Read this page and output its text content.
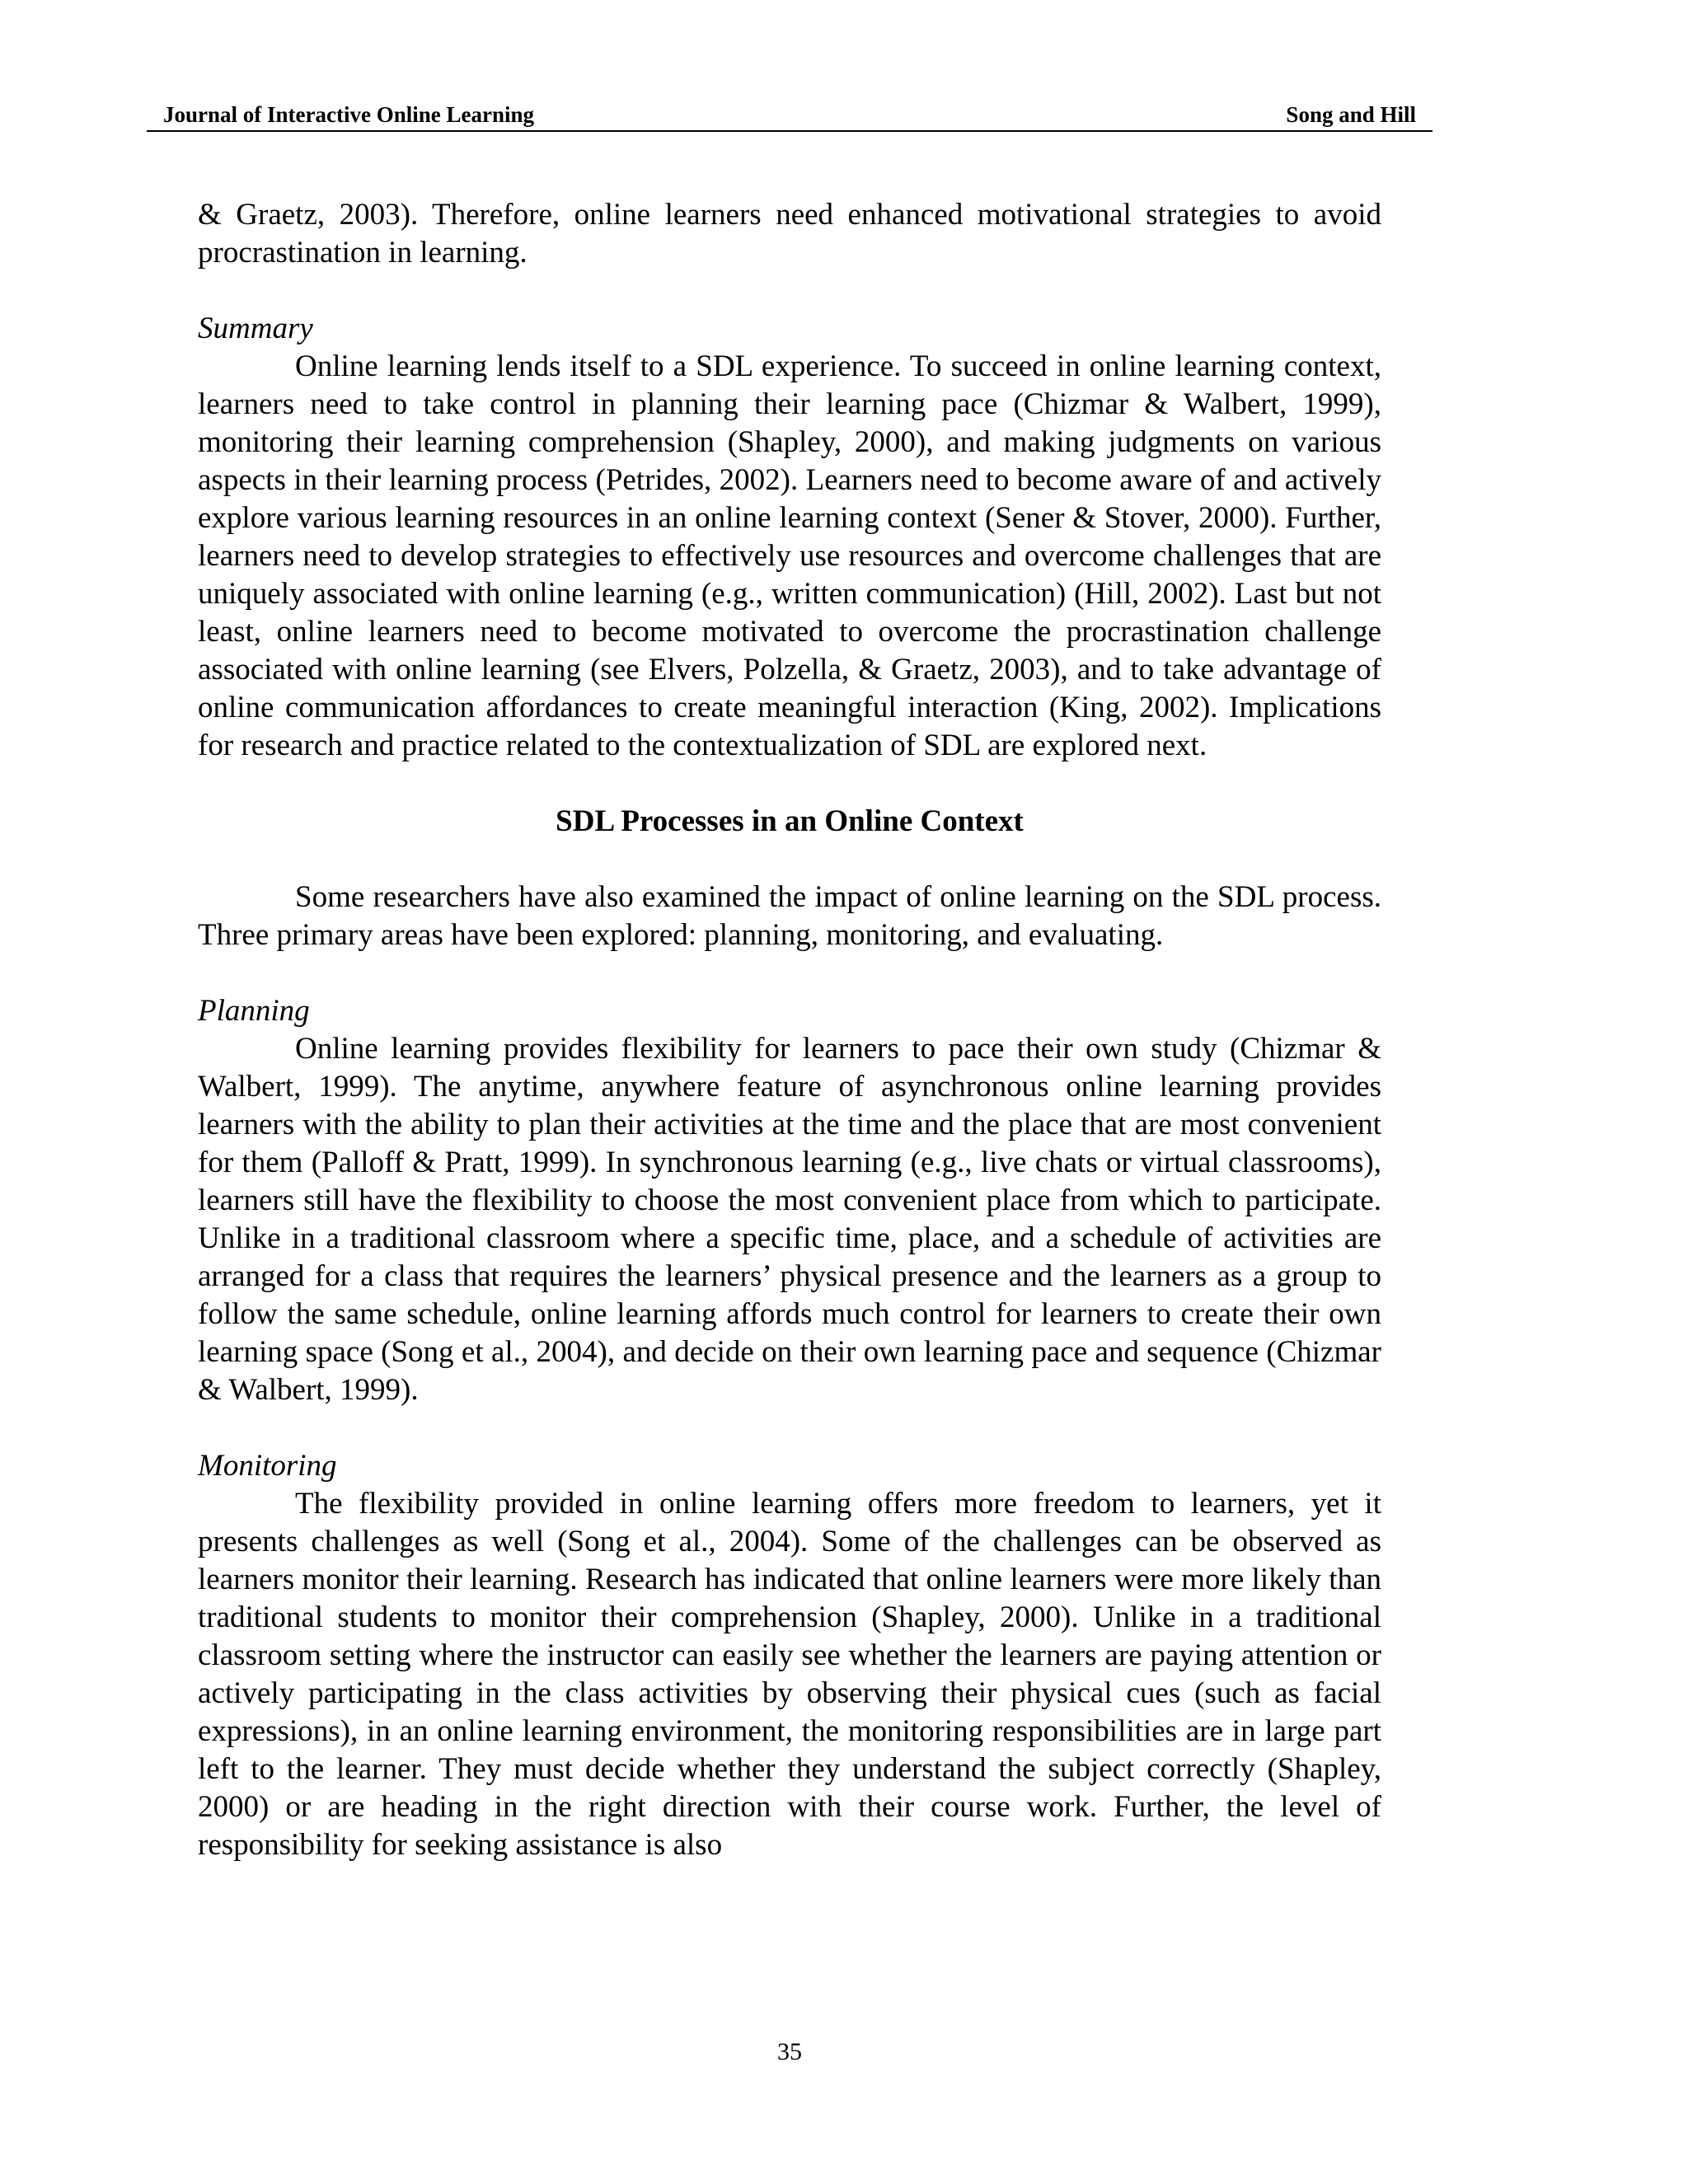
Journal of Interactive Online Learning	Song and Hill

& Graetz, 2003). Therefore, online learners need enhanced motivational strategies to avoid procrastination in learning.

Summary

Online learning lends itself to a SDL experience. To succeed in online learning context, learners need to take control in planning their learning pace (Chizmar & Walbert, 1999), monitoring their learning comprehension (Shapley, 2000), and making judgments on various aspects in their learning process (Petrides, 2002). Learners need to become aware of and actively explore various learning resources in an online learning context (Sener & Stover, 2000). Further, learners need to develop strategies to effectively use resources and overcome challenges that are uniquely associated with online learning (e.g., written communication) (Hill, 2002). Last but not least, online learners need to become motivated to overcome the procrastination challenge associated with online learning (see Elvers, Polzella, & Graetz, 2003), and to take advantage of online communication affordances to create meaningful interaction (King, 2002). Implications for research and practice related to the contextualization of SDL are explored next.

SDL Processes in an Online Context

Some researchers have also examined the impact of online learning on the SDL process. Three primary areas have been explored: planning, monitoring, and evaluating.

Planning

Online learning provides flexibility for learners to pace their own study (Chizmar & Walbert, 1999). The anytime, anywhere feature of asynchronous online learning provides learners with the ability to plan their activities at the time and the place that are most convenient for them (Palloff & Pratt, 1999). In synchronous learning (e.g., live chats or virtual classrooms), learners still have the flexibility to choose the most convenient place from which to participate. Unlike in a traditional classroom where a specific time, place, and a schedule of activities are arranged for a class that requires the learners’ physical presence and the learners as a group to follow the same schedule, online learning affords much control for learners to create their own learning space (Song et al., 2004), and decide on their own learning pace and sequence (Chizmar & Walbert, 1999).

Monitoring

The flexibility provided in online learning offers more freedom to learners, yet it presents challenges as well (Song et al., 2004). Some of the challenges can be observed as learners monitor their learning. Research has indicated that online learners were more likely than traditional students to monitor their comprehension (Shapley, 2000). Unlike in a traditional classroom setting where the instructor can easily see whether the learners are paying attention or actively participating in the class activities by observing their physical cues (such as facial expressions), in an online learning environment, the monitoring responsibilities are in large part left to the learner. They must decide whether they understand the subject correctly (Shapley, 2000) or are heading in the right direction with their course work. Further, the level of responsibility for seeking assistance is also

35
